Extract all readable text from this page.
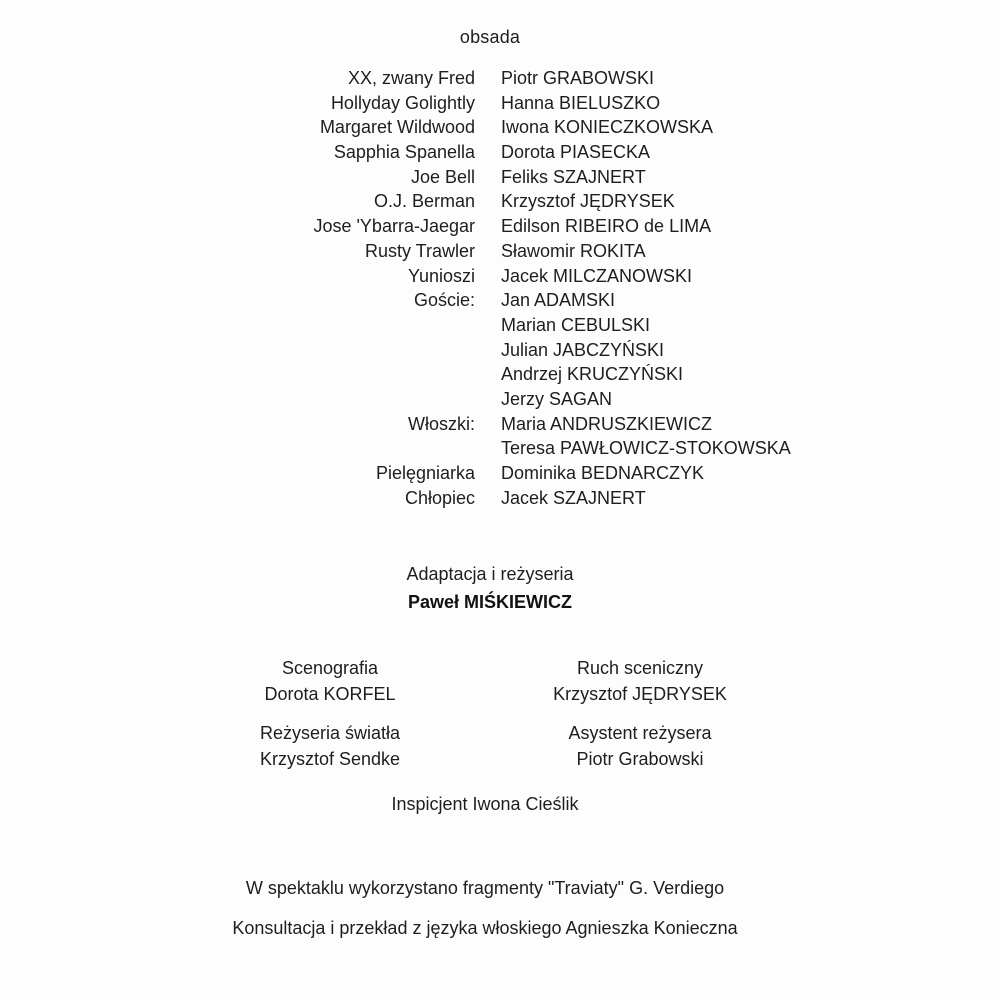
obsada
XX, zwany Fred Piotr GRABOWSKI
Hollyday Golightly Hanna BIELUSZKO
Margaret Wildwood Iwona KONIECZKOWSKA
Sapphia Spanella Dorota PIASECKA
Joe Bell Feliks SZAJNERT
O.J. Berman Krzysztof JĘDRYSEK
Jose 'Ybarra-Jaegar Edilson RIBEIRO de LIMA
Rusty Trawler Sławomir ROKITA
Yunioszi Jacek MILCZANOWSKI
Goście: Jan ADAMSKI
Marian CEBULSKI
Julian JABCZYŃSKI
Andrzej KRUCZYŃSKI
Jerzy SAGAN
Włoszki: Maria ANDRUSZKIEWICZ
Teresa PAWŁOWICZ-STOKOWSKA
Pielęgniarka Dominika BEDNARCZYK
Chłopiec Jacek SZAJNERT
Adaptacja i reżyseria
Paweł MIŚKIEWICZ
Scenografia
Dorota KORFEL
Ruch sceniczny
Krzysztof JĘDRYSEK
Reżyseria światła
Krzysztof Sendke
Asystent reżysera
Piotr Grabowski
Inspicjent Iwona Cieślik
W spektaklu wykorzystano fragmenty "Traviaty" G. Verdiego
Konsultacja i przekład z języka włoskiego Agnieszka Konieczna
